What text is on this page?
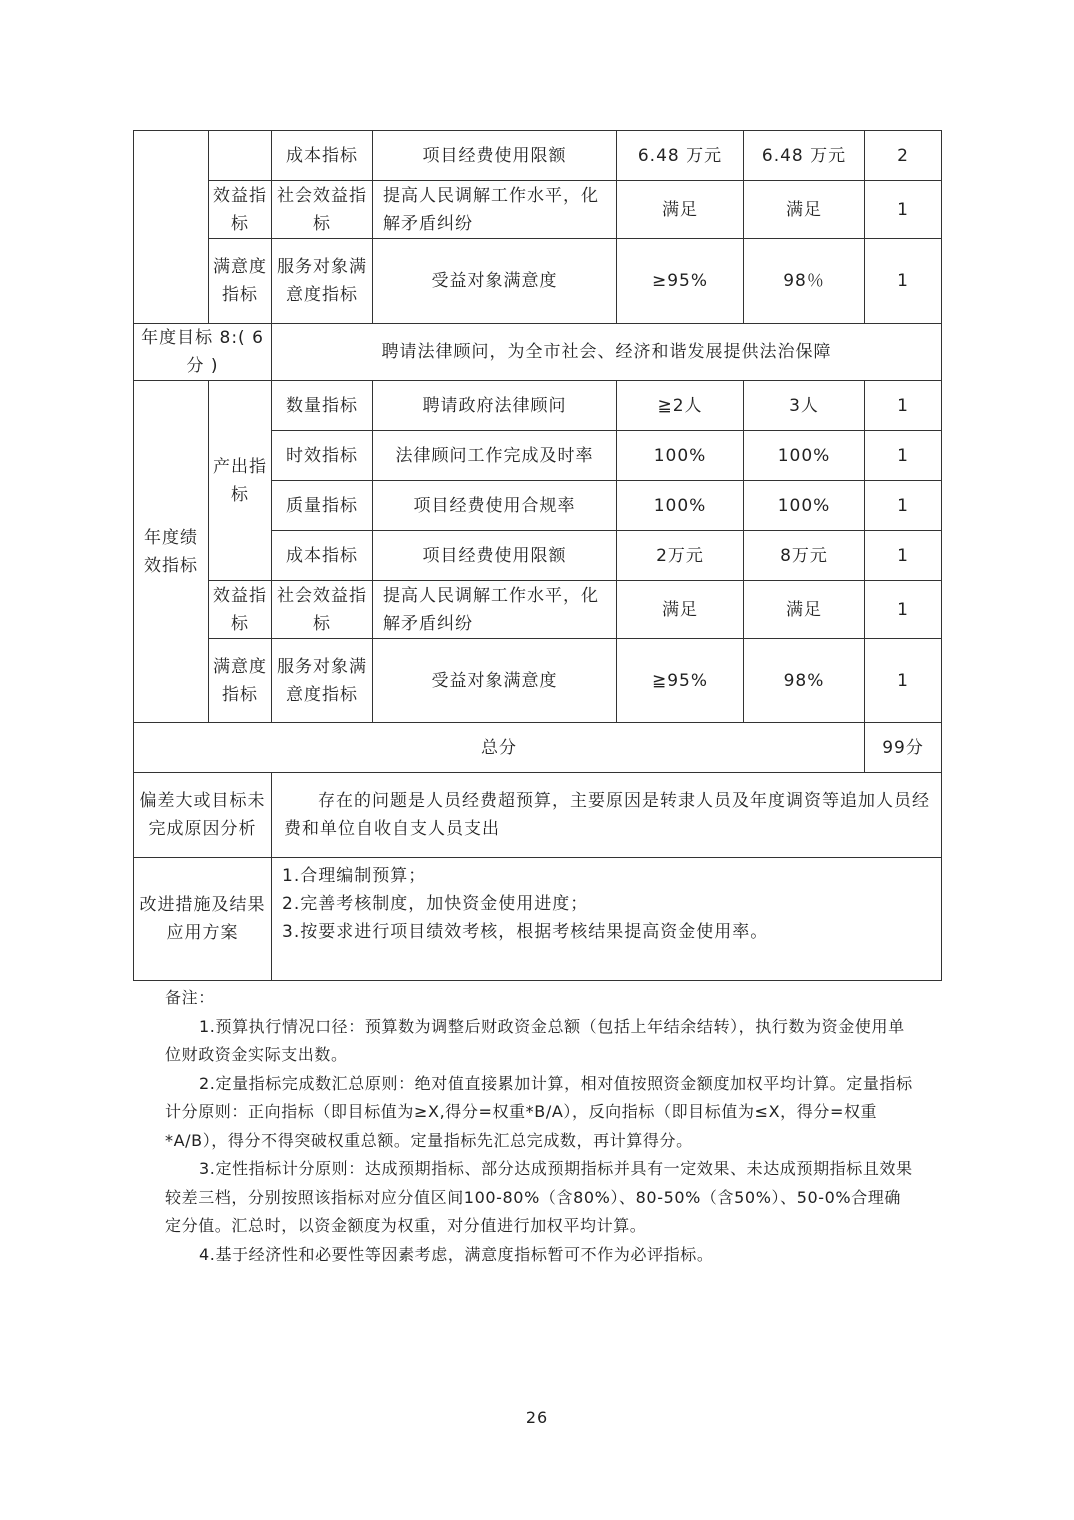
		成本指标	项目经费使用限额	6.48 万元	6.48 万元	2
	效益指标	社会效益指标	提高人民调解工作水平，化解矛盾纠纷	满足	满足	1
	满意度指标	服务对象满意度指标	受益对象满意度	≥95%	98％	1
年度目标 8:( 6分 )		聘请法律顾问，为全市社会、经济和谐发展提供法治保障				
年度绩效指标	产出指标	数量指标	聘请政府法律顾问	≧2人	3人	1
		时效指标	法律顾问工作完成及时率	100%	100%	1
		质量指标	项目经费使用合规率	100%	100%	1
		成本指标	项目经费使用限额	2万元	8万元	1
	效益指标	社会效益指标	提高人民调解工作水平，化解矛盾纠纷	满足	满足	1
	满意度指标	服务对象满意度指标	受益对象满意度	≧95%	98%	1
总分						99分
偏差大或目标未完成原因分析		存在的问题是人员经费超预算，主要原因是转隶人员及年度调资等追加人员经费和单位自收自支人员支出				
改进措施及结果应用方案		1.合理编制预算；
2.完善考核制度，加快资金使用进度；
3.按要求进行项目绩效考核，根据考核结果提高资金使用率。				

备注：

1.预算执行情况口径：预算数为调整后财政资金总额（包括上年结余结转），执行数为资金使用单位财政资金实际支出数。

2.定量指标完成数汇总原则：绝对值直接累加计算，相对值按照资金额度加权平均计算。定量指标计分原则：正向指标（即目标值为≥X,得分=权重*B/A），反向指标（即目标值为≤X，得分=权重*A/B），得分不得突破权重总额。定量指标先汇总完成数，再计算得分。

3.定性指标计分原则：达成预期指标、部分达成预期指标并具有一定效果、未达成预期指标且效果较差三档，分别按照该指标对应分值区间100-80%（含80%）、80-50%（含50%）、50-0%合理确定分值。汇总时，以资金额度为权重，对分值进行加权平均计算。

4.基于经济性和必要性等因素考虑，满意度指标暂可不作为必评指标。

26
